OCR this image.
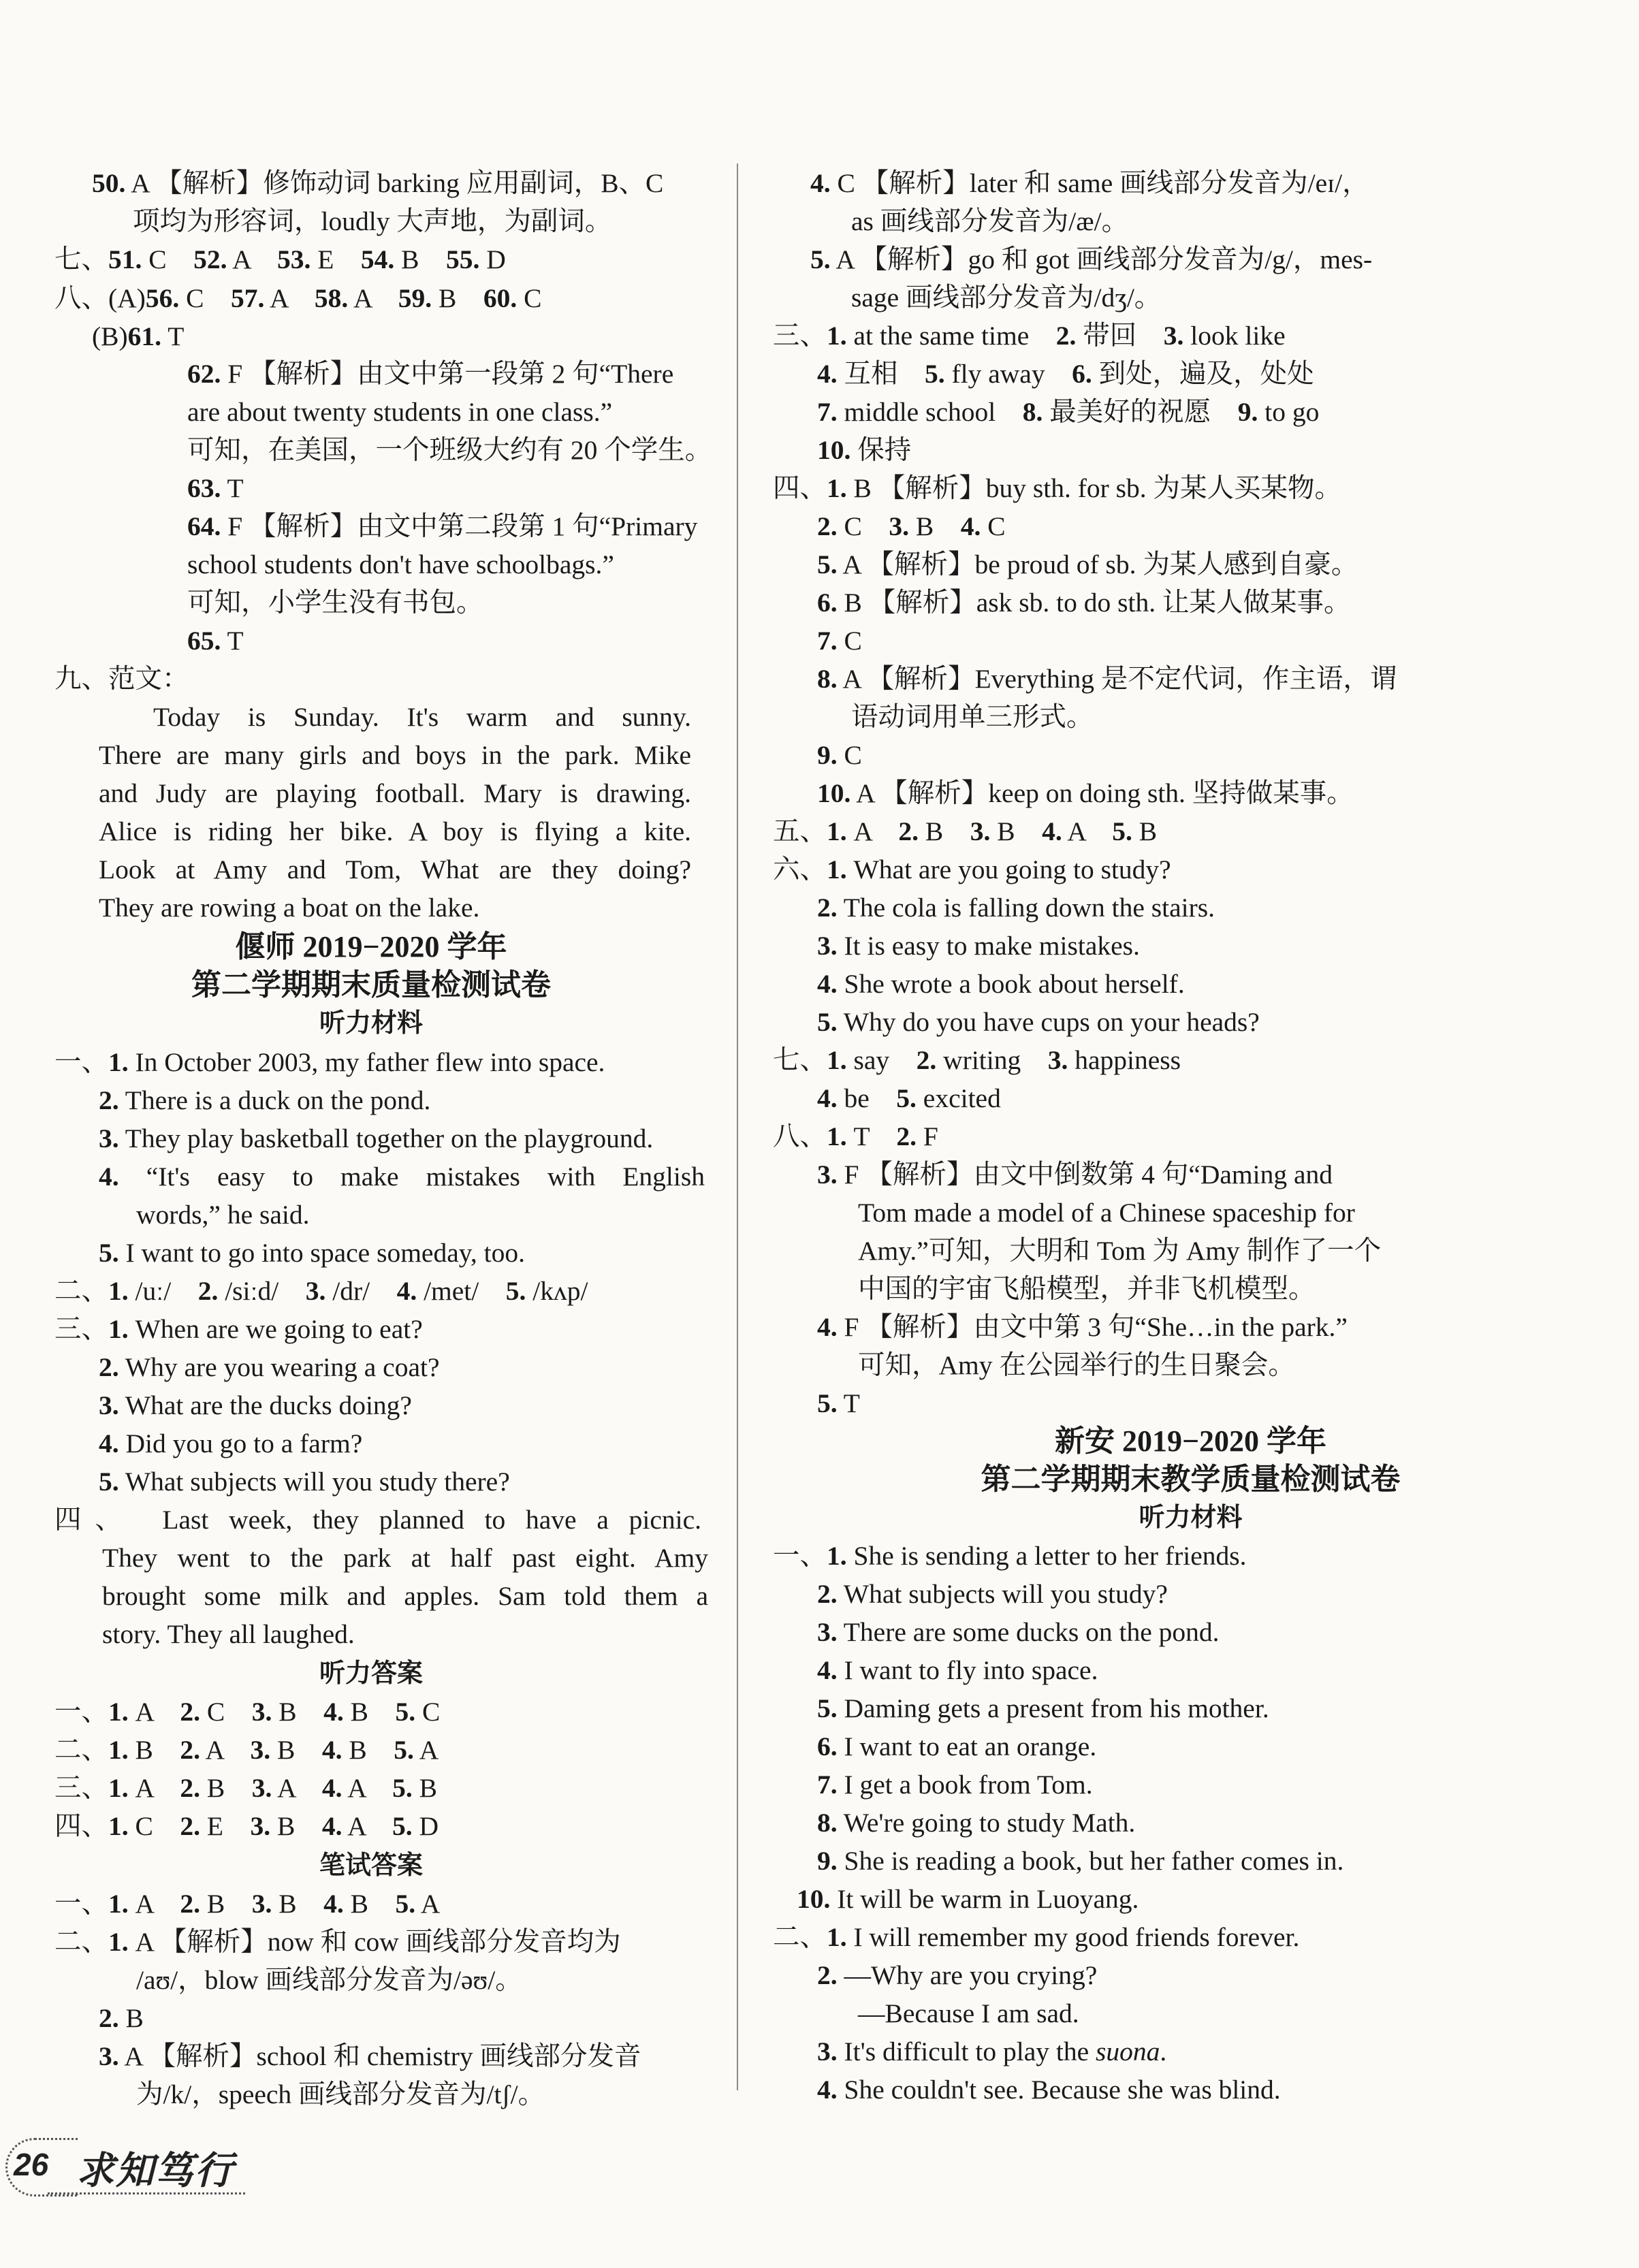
50. A 【解析】修饰动词 barking 应用副词，B、C
项均为形容词，loudly 大声地，为副词。
七、51. C　52. A　53. E　54. B　55. D
八、(A)56. C　57. A　58. A　59. B　60. C
(B)61. T
62. F 【解析】由文中第一段第 2 句“There
are about twenty students in one class.”
可知，在美国，一个班级大约有 20 个学生。
63. T
64. F 【解析】由文中第二段第 1 句“Primary
school students don't have schoolbags.”
可知，小学生没有书包。
65. T
九、范文：
Today is Sunday. It's warm and sunny.
There are many girls and boys in the park. Mike
and Judy are playing football. Mary is drawing.
Alice is riding her bike. A boy is flying a kite.
Look at Amy and Tom, What are they doing?
They are rowing a boat on the lake.
偃师 2019−2020 学年
第二学期期末质量检测试卷
听力材料
一、1. In October 2003, my father flew into space.
2. There is a duck on the pond.
3. They play basketball together on the playground.
4. “It's easy to make mistakes with English
words,” he said.
5. I want to go into space someday, too.
二、1. /uː/　2. /siːd/　3. /dr/　4. /met/　5. /kʌp/
三、1. When are we going to eat?
2. Why are you wearing a coat?
3. What are the ducks doing?
4. Did you go to a farm?
5. What subjects will you study there?
四、　Last week, they planned to have a picnic.
They went to the park at half past eight. Amy
brought some milk and apples. Sam told them a
story. They all laughed.
听力答案
一、1. A　2. C　3. B　4. B　5. C
二、1. B　2. A　3. B　4. B　5. A
三、1. A　2. B　3. A　4. A　5. B
四、1. C　2. E　3. B　4. A　5. D
笔试答案
一、1. A　2. B　3. B　4. B　5. A
二、1. A 【解析】now 和 cow 画线部分发音均为
/aʊ/，blow 画线部分发音为/əʊ/。
2. B
3. A 【解析】school 和 chemistry 画线部分发音
为/k/，speech 画线部分发音为/tʃ/。
4. C 【解析】later 和 same 画线部分发音为/eɪ/，
as 画线部分发音为/æ/。
5. A 【解析】go 和 got 画线部分发音为/g/，mes-
sage 画线部分发音为/dʒ/。
三、1. at the same time　2. 带回　3. look like
4. 互相　5. fly away　6. 到处，遍及，处处
7. middle school　8. 最美好的祝愿　9. to go
10. 保持
四、1. B 【解析】buy sth. for sb. 为某人买某物。
2. C　3. B　4. C
5. A 【解析】be proud of sb. 为某人感到自豪。
6. B 【解析】ask sb. to do sth. 让某人做某事。
7. C
8. A 【解析】Everything 是不定代词，作主语，谓
语动词用单三形式。
9. C
10. A 【解析】keep on doing sth. 坚持做某事。
五、1. A　2. B　3. B　4. A　5. B
六、1. What are you going to study?
2. The cola is falling down the stairs.
3. It is easy to make mistakes.
4. She wrote a book about herself.
5. Why do you have cups on your heads?
七、1. say　2. writing　3. happiness
4. be　5. excited
八、1. T　2. F
3. F 【解析】由文中倒数第 4 句“Daming and
Tom made a model of a Chinese spaceship for
Amy.”可知，大明和 Tom 为 Amy 制作了一个
中国的宇宙飞船模型，并非飞机模型。
4. F 【解析】由文中第 3 句“She…in the park.”
可知，Amy 在公园举行的生日聚会。
5. T
新安 2019−2020 学年
第二学期期末教学质量检测试卷
听力材料
一、1. She is sending a letter to her friends.
2. What subjects will you study?
3. There are some ducks on the pond.
4. I want to fly into space.
5. Daming gets a present from his mother.
6. I want to eat an orange.
7. I get a book from Tom.
8. We're going to study Math.
9. She is reading a book, but her father comes in.
10. It will be warm in Luoyang.
二、1. I will remember my good friends forever.
2. —Why are you crying?
—Because I am sad.
3. It's difficult to play the suona.
4. She couldn't see. Because she was blind.
26 求知笃行
